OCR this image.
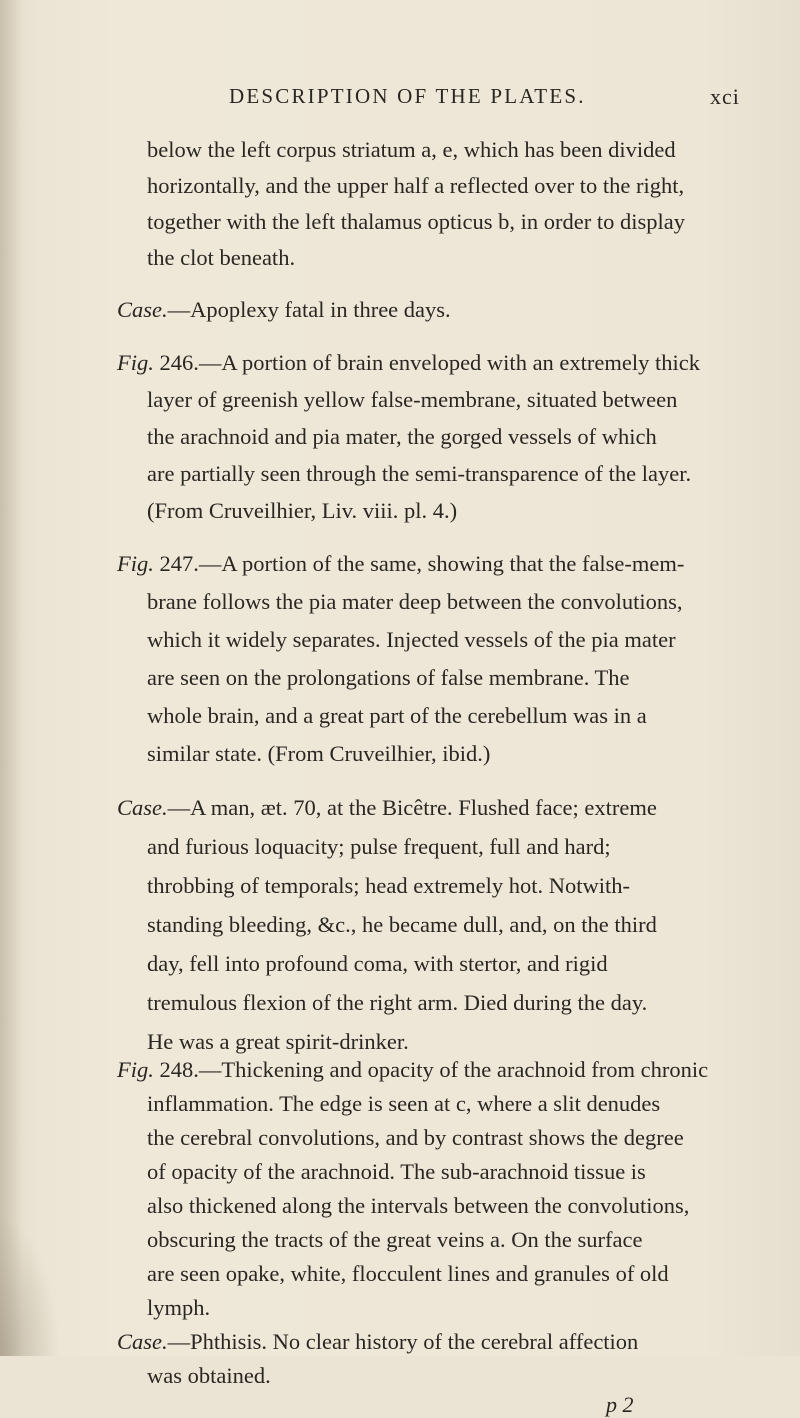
DESCRIPTION OF THE PLATES.	xci
below the left corpus striatum a, e, which has been divided
horizontally, and the upper half a reflected over to the right,
together with the left thalamus opticus b, in order to display
the clot beneath.
Case.—Apoplexy fatal in three days.
Fig. 246.—A portion of brain enveloped with an extremely thick
layer of greenish yellow false-membrane, situated between
the arachnoid and pia mater, the gorged vessels of which
are partially seen through the semi-transparence of the layer.
(From Cruveilhier, Liv. viii. pl. 4.)
Fig. 247.—A portion of the same, showing that the false-mem-
brane follows the pia mater deep between the convolutions,
which it widely separates. Injected vessels of the pia mater
are seen on the prolongations of false membrane. The
whole brain, and a great part of the cerebellum was in a
similar state. (From Cruveilhier, ibid.)
Case.—A man, æt. 70, at the Bicêtre. Flushed face; extreme
and furious loquacity; pulse frequent, full and hard;
throbbing of temporals; head extremely hot. Notwith-
standing bleeding, &c., he became dull, and, on the third
day, fell into profound coma, with stertor, and rigid
tremulous flexion of the right arm. Died during the day.
He was a great spirit-drinker.
Fig. 248.—Thickening and opacity of the arachnoid from chronic
inflammation. The edge is seen at c, where a slit denudes
the cerebral convolutions, and by contrast shows the degree
of opacity of the arachnoid. The sub-arachnoid tissue is
also thickened along the intervals between the convolutions,
obscuring the tracts of the great veins a. On the surface
are seen opake, white, flocculent lines and granules of old
lymph.
Case.—Phthisis. No clear history of the cerebral affection
was obtained.
p 2
